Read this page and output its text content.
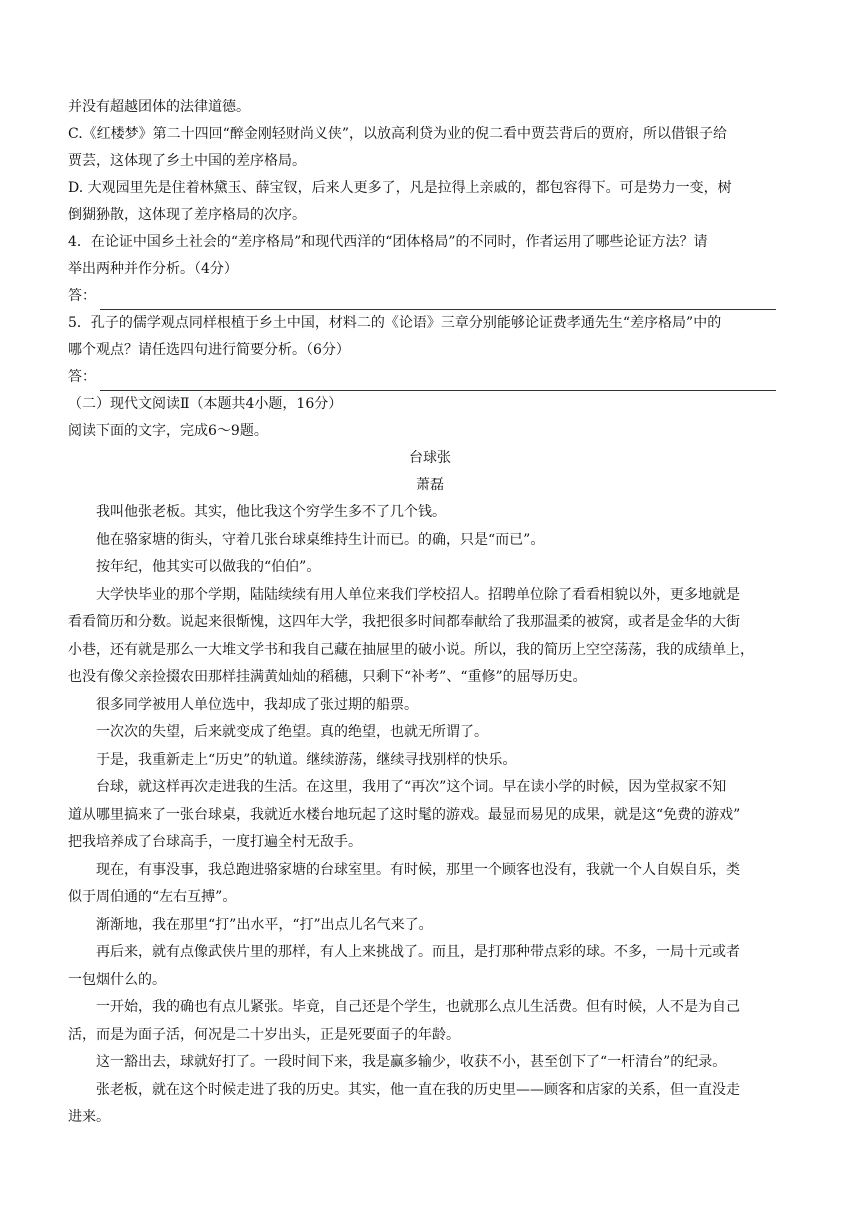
并没有超越团体的法律道德。
C.《红楼梦》第二十四回“醉金刚轻财尚义侠”，以放高利贷为业的倪二看中贾芸背后的贾府，所以借银子给
贾芸，这体现了乡土中国的差序格局。
D. 大观园里先是住着林黛玉、薛宝钗，后来人更多了，凡是拉得上亲戚的，都包容得下。可是势力一变，树
倒猢狲散，这体现了差序格局的次序。
4．在论证中国乡土社会的“差序格局”和现代西洋的“团体格局”的不同时，作者运用了哪些论证方法？请
举出两种并作分析。（4分）
答：
5．孔子的儒学观点同样根植于乡土中国，材料二的《论语》三章分别能够论证费孝通先生“差序格局”中的
哪个观点？请任选四句进行简要分析。（6分）
答：
（二）现代文阅读Ⅱ（本题共4小题，16分）
阅读下面的文字，完成6～9题。
台球张
萧磊
我叫他张老板。其实，他比我这个穷学生多不了几个钱。
他在骆家塘的街头，守着几张台球桌维持生计而已。的确，只是“而已”。
按年纪，他其实可以做我的“伯伯”。
大学快毕业的那个学期，陆陆续续有用人单位来我们学校招人。招聘单位除了看看相貌以外，更多地就是
看看简历和分数。说起来很惭愧，这四年大学，我把很多时间都奉献给了我那温柔的被窝，或者是金华的大街
小巷，还有就是那么一大堆文学书和我自己藏在抽屉里的破小说。所以，我的简历上空空荡荡，我的成绩单上，
也没有像父亲捡掇农田那样挂满黄灿灿的稻穗，只剩下“补考”、“重修”的屈辱历史。
很多同学被用人单位选中，我却成了张过期的船票。
一次次的失望，后来就变成了绝望。真的绝望，也就无所谓了。
于是，我重新走上“历史”的轨道。继续游荡，继续寻找别样的快乐。
台球，就这样再次走进我的生活。在这里，我用了“再次”这个词。早在读小学的时候，因为堂叔家不知
道从哪里搞来了一张台球桌，我就近水楼台地玩起了这时髦的游戏。最显而易见的成果，就是这“免费的游戏”
把我培养成了台球高手，一度打遍全村无敌手。
现在，有事没事，我总跑进骆家塘的台球室里。有时候，那里一个顾客也没有，我就一个人自娱自乐，类
似于周伯通的“左右互搏”。
渐渐地，我在那里“打”出水平，“打”出点儿名气来了。
再后来，就有点像武侠片里的那样，有人上来挑战了。而且，是打那种带点彩的球。不多，一局十元或者
一包烟什么的。
一开始，我的确也有点儿紧张。毕竟，自己还是个学生，也就那么点儿生活费。但有时候，人不是为自己
活，而是为面子活，何况是二十岁出头，正是死要面子的年龄。
这一豁出去，球就好打了。一段时间下来，我是赢多输少，收获不小，甚至创下了“一杆清台”的纪录。
张老板，就在这个时候走进了我的历史。其实，他一直在我的历史里——顾客和店家的关系，但一直没走
进来。
